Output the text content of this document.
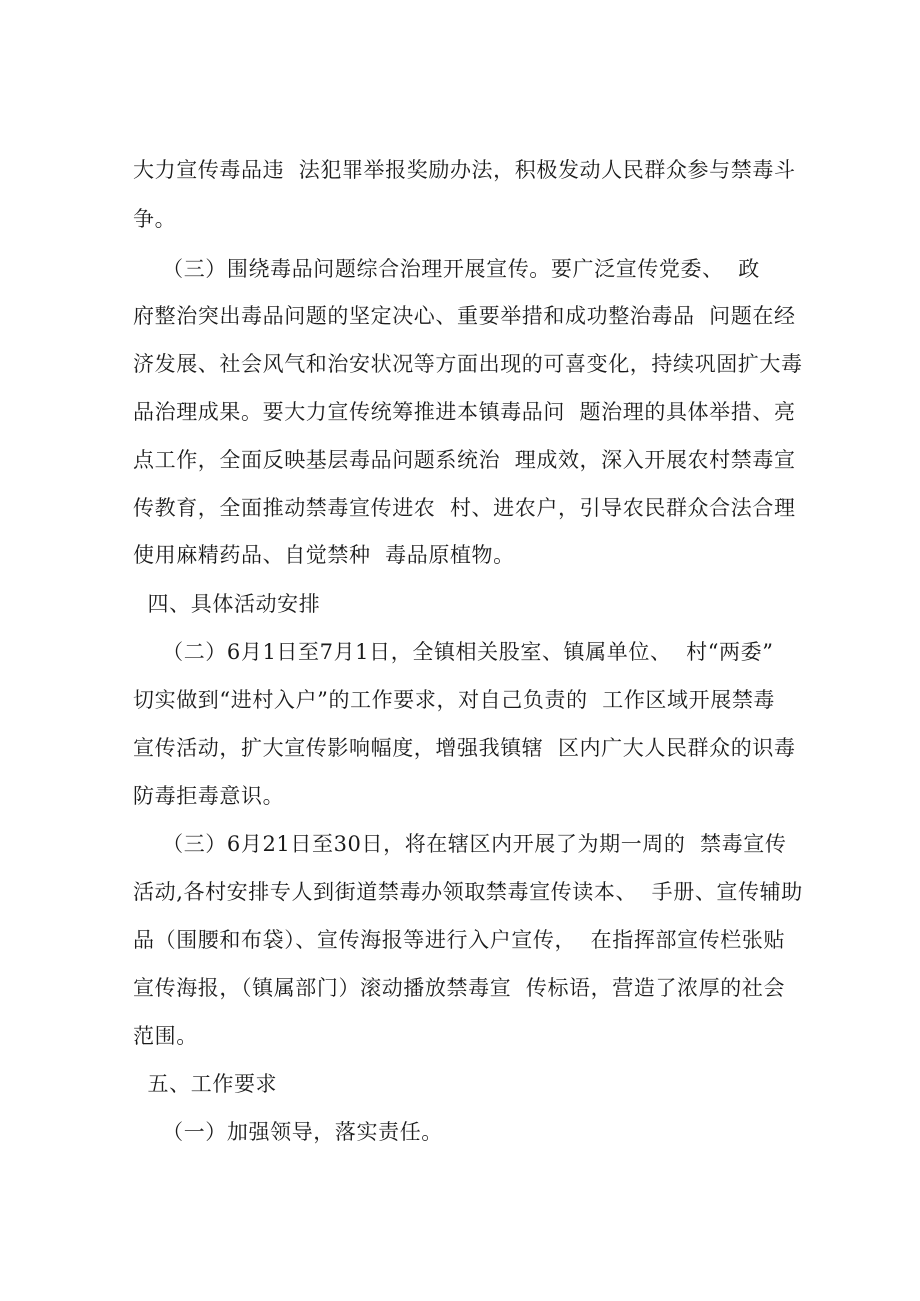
大力宣传毒品违  法犯罪举报奖励办法，积极发动人民群众参与禁毒斗
争。
（三）围绕毒品问题综合治理开展宣传。要广泛宣传党委、  政
府整治突出毒品问题的坚定决心、重要举措和成功整治毒品  问题在经
济发展、社会风气和治安状况等方面出现的可喜变化，持续巩固扩大毒
品治理成果。要大力宣传统筹推进本镇毒品问  题治理的具体举措、亮
点工作，全面反映基层毒品问题系统治  理成效，深入开展农村禁毒宣
传教育，全面推动禁毒宣传进农  村、进农户，引导农民群众合法合理
使用麻精药品、自觉禁种  毒品原植物。
四、具体活动安排
（二）6月1日至7月1日，全镇相关股室、镇属单位、  村“两委”
切实做到“进村入户”的工作要求，对自己负责的  工作区域开展禁毒
宣传活动，扩大宣传影响幅度，增强我镇辖  区内广大人民群众的识毒
防毒拒毒意识。
（三）6月21日至30日，将在辖区内开展了为期一周的  禁毒宣传
活动,各村安排专人到街道禁毒办领取禁毒宣传读本、  手册、宣传辅助
品（围腰和布袋）、宣传海报等进行入户宣传，  在指挥部宣传栏张贴
宣传海报，（镇属部门）滚动播放禁毒宣  传标语，营造了浓厚的社会
范围。
五、工作要求
（一）加强领导，落实责任。
